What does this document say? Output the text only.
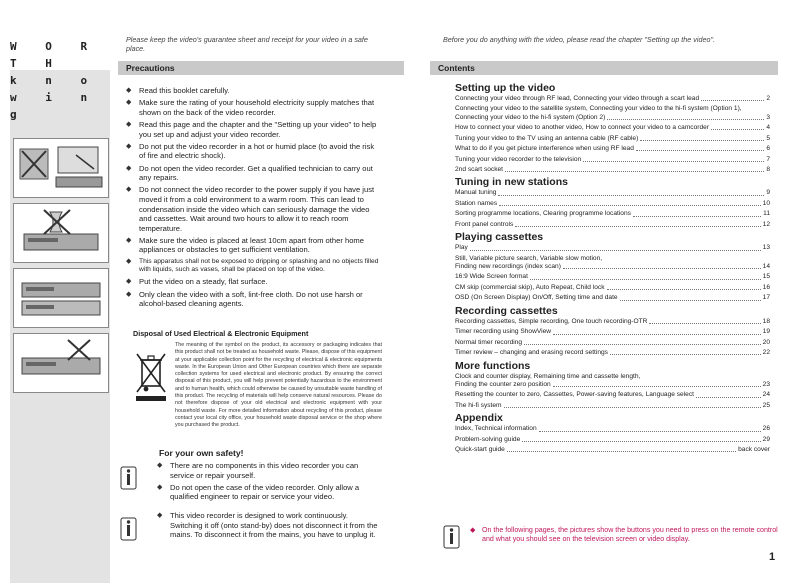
W O R T H
k n o w i n g
Please keep the video's guarantee sheet and receipt for your video in a safe place.
Precautions
◆ Read this booklet carefully.
◆ Make sure the rating of your household electricity supply matches that shown on the back of the video recorder.
◆ Read this page and the chapter and the "Setting up your video" to help you set up and adjust your video recorder.
◆ Do not put the video recorder in a hot or humid place (to avoid the risk of fire and electric shock).
◆ Do not open the video recorder. Get a qualified technician to carry out any repairs.
◆ Do not connect the video recorder to the power supply if you have just moved it from a cold environment to a warm room. This can lead to condensation inside the video which can seriously damage the video and cassettes. Wait around two hours to allow it to reach room temperature.
◆ Make sure the video is placed at least 10cm apart from other home appliances or obstacles to get sufficient ventilation.
◆ This apparatus shall not be exposed to dripping or splashing and no objects filled with liquids, such as vases, shall be placed on top of the video.
◆ Put the video on a steady, flat surface.
◆ Only clean the video with a soft, lint-free cloth. Do not use harsh or alcohol-based cleaning agents.
Disposal of Used Electrical & Electronic Equipment
The meaning of the symbol on the product, its accessory or packaging indicates that this product shall not be treated as household waste. Please, dispose of this equipment at your applicable collection point for the recycling of electrical & electronic equipments waste. In the European Union and Other European countries which there are separate collection systems for used electrical and electronic product. By ensuring the correct disposal of this product, you will help prevent potentially hazardous to the environment and to human health, which could otherwise be caused by unsuitable waste handling of this product. The recycling of materials will help conserve natural resources. Please do not therefore dispose of your old electrical and electronic equipment with your household waste. For more detailed information about recycling of this product, please contact your local city office, your household waste disposal service or the shop where you purchased the product.
For your own safety!
◆ There are no components in this video recorder you can service or repair yourself.
◆ Do not open the case of the video recorder. Only allow a qualified engineer to repair or service your video.
◆ This video recorder is designed to work continuously. Switching it off (onto stand-by) does not disconnect it from the mains. To disconnect it from the mains, you have to unplug it.
Before you do anything with the video, please read the chapter "Setting up the video".
Contents
Setting up the video
Connecting your video through RF lead, Connecting your video through a scart lead	2
Connecting your video to the satellite system, Connecting your video to the hi-fi system (Option 1),
Connecting your video to the hi-fi system (Option 2)	3
How to connect your video to another video, How to connect your video to a camcorder	4
Tuning your video to the TV using an antenna cable (RF cable)	5
What to do if you get picture interference when using RF lead	6
Tuning your video recorder to the television	7
2nd scart socket	8
Tuning in new stations
Manual tuning	9
Station names	10
Sorting programme locations, Clearing programme locations	11
Front panel controls	12
Playing cassettes
Play	13
Still, Variable picture search, Variable slow motion,
Finding new recordings (index scan)	14
16:9 Wide Screen format	15
CM skip (commercial skip), Auto Repeat, Child lock	16
OSD (On Screen Display) On/Off, Setting time and date	17
Recording cassettes
Recording cassettes, Simple recording, One touch recording-OTR	18
Timer recording using ShowView	19
Normal timer recording	20
Timer review – changing and erasing record settings	22
More functions
Clock and counter display, Remaining time and cassette length,
Finding the counter zero position	23
Resetting the counter to zero, Cassettes, Power-saving features, Language select	24
The hi-fi system	25
Appendix
Index, Technical information	26
Problem-solving guide	29
Quick-start guide	back cover
◆ On the following pages, the pictures show the buttons you need to press on the remote control and what you should see on the television screen or video display.
1
